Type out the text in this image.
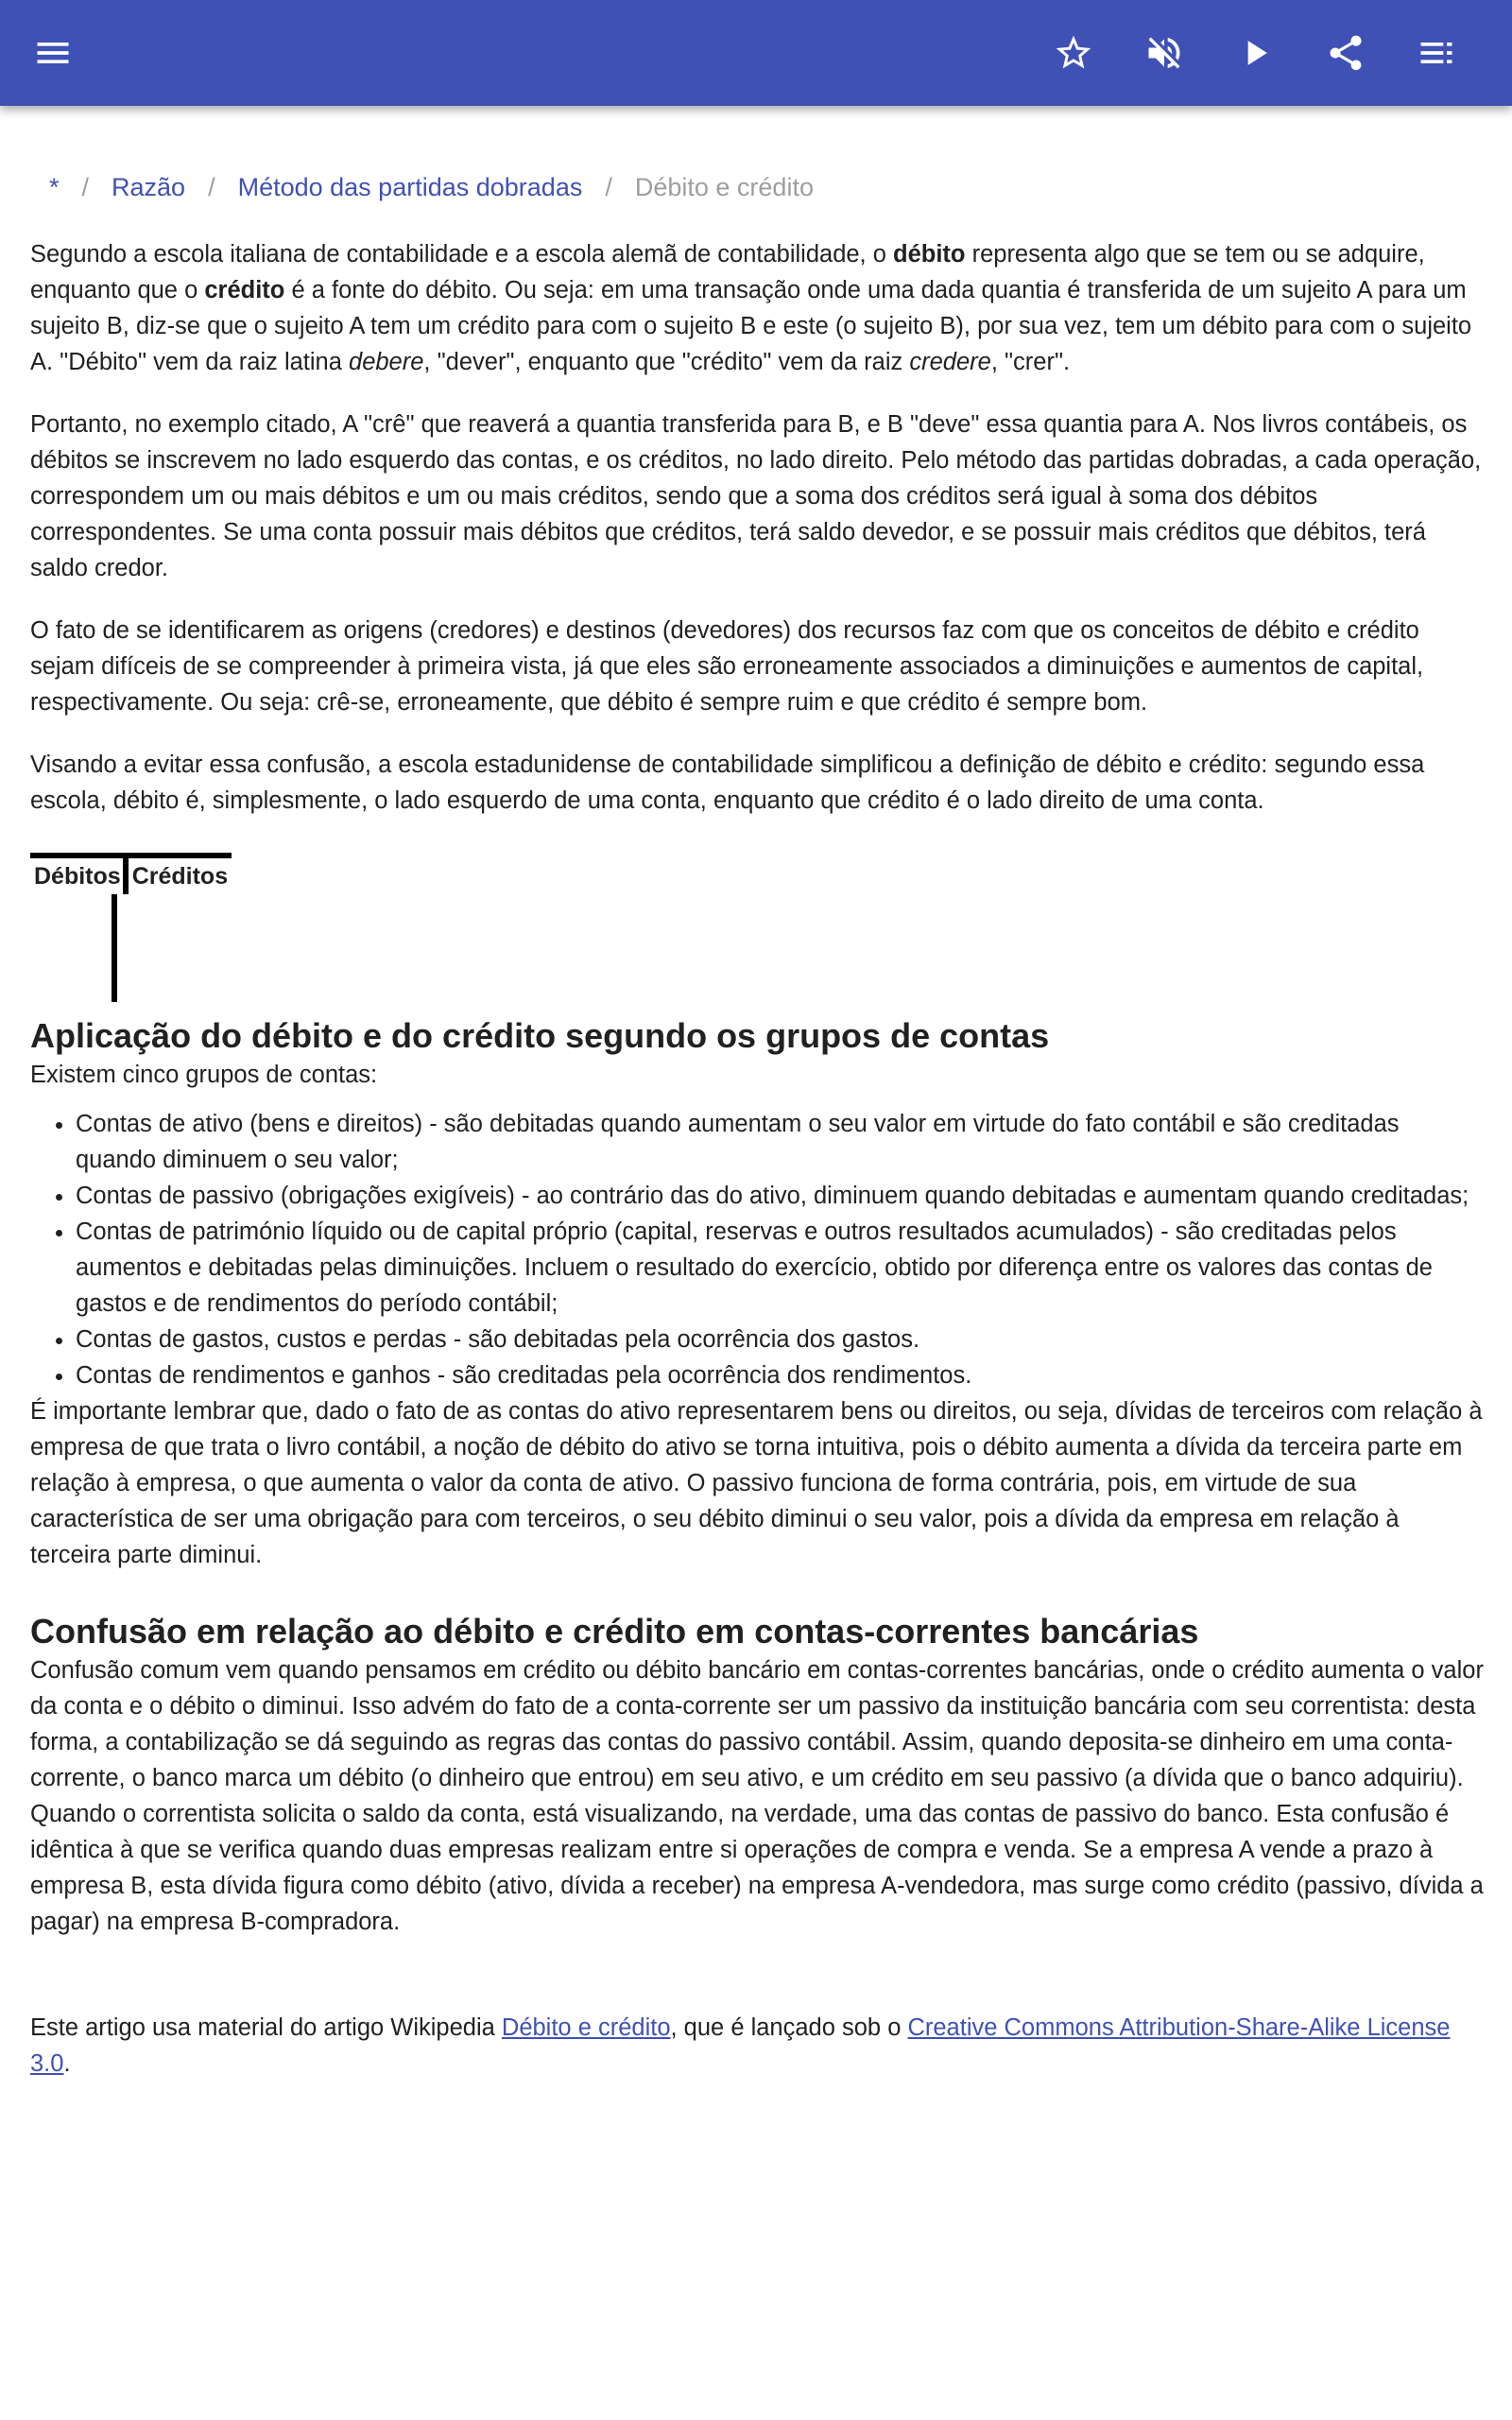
* / Razão / Método das partidas dobradas / Débito e crédito

Segundo a escola italiana de contabilidade e a escola alemã de contabilidade, o débito representa algo que se tem ou se adquire, enquanto que o crédito é a fonte do débito. Ou seja: em uma transação onde uma dada quantia é transferida de um sujeito A para um sujeito B, diz-se que o sujeito A tem um crédito para com o sujeito B e este (o sujeito B), por sua vez, tem um débito para com o sujeito A. "Débito" vem da raiz latina debere, "dever", enquanto que "crédito" vem da raiz credere, "crer".

Portanto, no exemplo citado, A "crê" que reaverá a quantia transferida para B, e B "deve" essa quantia para A. Nos livros contábeis, os débitos se inscrevem no lado esquerdo das contas, e os créditos, no lado direito. Pelo método das partidas dobradas, a cada operação, correspondem um ou mais débitos e um ou mais créditos, sendo que a soma dos créditos será igual à soma dos débitos correspondentes. Se uma conta possuir mais débitos que créditos, terá saldo devedor, e se possuir mais créditos que débitos, terá saldo credor.

O fato de se identificarem as origens (credores) e destinos (devedores) dos recursos faz com que os conceitos de débito e crédito sejam difíceis de se compreender à primeira vista, já que eles são erroneamente associados a diminuições e aumentos de capital, respectivamente. Ou seja: crê-se, erroneamente, que débito é sempre ruim e que crédito é sempre bom.

Visando a evitar essa confusão, a escola estadunidense de contabilidade simplificou a definição de débito e crédito: segundo essa escola, débito é, simplesmente, o lado esquerdo de uma conta, enquanto que crédito é o lado direito de uma conta.

Débitos Créditos
Aplicação do débito e do crédito segundo os grupos de contas
Existem cinco grupos de contas:
• Contas de ativo (bens e direitos) - são debitadas quando aumentam o seu valor em virtude do fato contábil e são creditadas quando diminuem o seu valor;
• Contas de passivo (obrigações exigíveis) - ao contrário das do ativo, diminuem quando debitadas e aumentam quando creditadas;
• Contas de património líquido ou de capital próprio (capital, reservas e outros resultados acumulados) - são creditadas pelos aumentos e debitadas pelas diminuições. Incluem o resultado do exercício, obtido por diferença entre os valores das contas de gastos e de rendimentos do período contábil;
• Contas de gastos, custos e perdas - são debitadas pela ocorrência dos gastos.
• Contas de rendimentos e ganhos - são creditadas pela ocorrência dos rendimentos.

É importante lembrar que, dado o fato de as contas do ativo representarem bens ou direitos, ou seja, dívidas de terceiros com relação à empresa de que trata o livro contábil, a noção de débito do ativo se torna intuitiva, pois o débito aumenta a dívida da terceira parte em relação à empresa, o que aumenta o valor da conta de ativo. O passivo funciona de forma contrária, pois, em virtude de sua característica de ser uma obrigação para com terceiros, o seu débito diminui o seu valor, pois a dívida da empresa em relação à terceira parte diminui.

Confusão em relação ao débito e crédito em contas-correntes bancárias

Confusão comum vem quando pensamos em crédito ou débito bancário em contas-correntes bancárias, onde o crédito aumenta o valor da conta e o débito o diminui. Isso advém do fato de a conta-corrente ser um passivo da instituição bancária com seu correntista: desta forma, a contabilização se dá seguindo as regras das contas do passivo contábil. Assim, quando deposita-se dinheiro em uma conta-corrente, o banco marca um débito (o dinheiro que entrou) em seu ativo, e um crédito em seu passivo (a dívida que o banco adquiriu). Quando o correntista solicita o saldo da conta, está visualizando, na verdade, uma das contas de passivo do banco. Esta confusão é idêntica à que se verifica quando duas empresas realizam entre si operações de compra e venda. Se a empresa A vende a prazo à empresa B, esta dívida figura como débito (ativo, dívida a receber) na empresa A-vendedora, mas surge como crédito (passivo, dívida a pagar) na empresa B-compradora.

Este artigo usa material do artigo Wikipedia Débito e crédito, que é lançado sob o Creative Commons Attribution-Share-Alike License 3.0.
